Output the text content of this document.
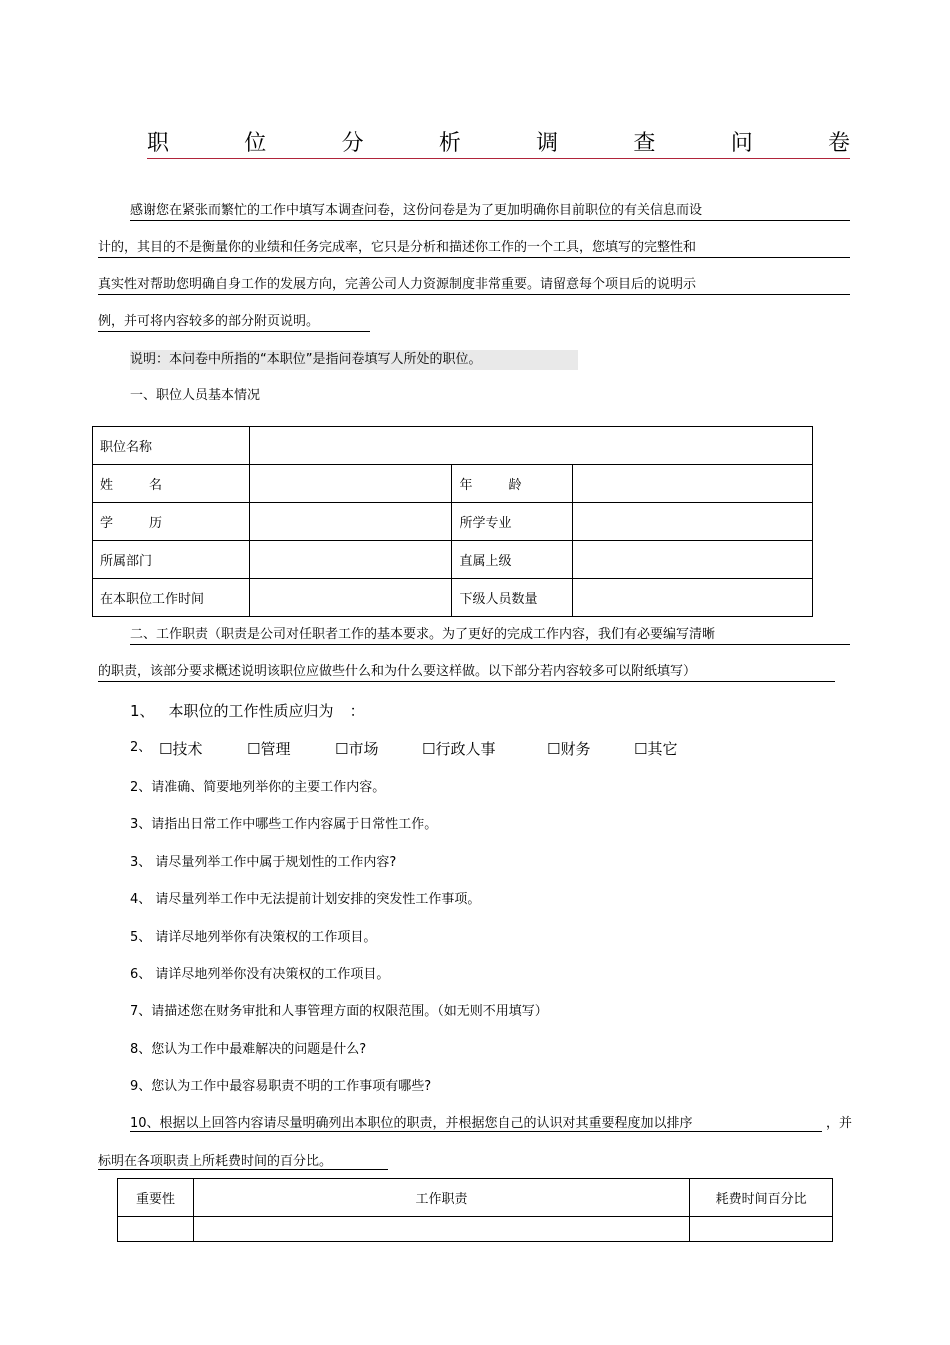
职	位	分	析	调	查	问	卷
感谢您在紧张而繁忙的工作中填写本调查问卷，这份问卷是为了更加明确你目前职位的有关信息而设
计的，其目的不是衡量你的业绩和任务完成率，它只是分析和描述你工作的一个工具，您填写的完整性和
真实性对帮助您明确自身工作的发展方向，完善公司人力资源制度非常重要。请留意每个项目后的说明示
例，并可将内容较多的部分附页说明。
说明：本问卷中所指的“本职位”是指问卷填写人所处的职位。
一、职位人员基本情况
职位名称			
姓 名		年 龄	
学 历		所学专业	
所属部门		直属上级	
在本职位工作时间		下级人员数量	
二、工作职责（职责是公司对任职者工作的基本要求。为了更好的完成工作内容，我们有必要编写清晰
的职责，该部分要求概述说明该职位应做些什么和为什么要这样做。以下部分若内容较多可以附纸填写）
1、 本职位的工作性质应归为 ：
2、 ☐技术	☐管理	☐市场	☐行政人事	☐财务	☐其它
2、请准确、简要地列举你的主要工作内容。
3、请指出日常工作中哪些工作内容属于日常性工作。
3、 请尽量列举工作中属于规划性的工作内容?
4、 请尽量列举工作中无法提前计划安排的突发性工作事项。
5、 请详尽地列举你有决策权的工作项目。
6、 请详尽地列举你没有决策权的工作项目。
7、请描述您在财务审批和人事管理方面的权限范围。（如无则不用填写）
8、您认为工作中最难解决的问题是什么?
9、您认为工作中最容易职责不明的工作事项有哪些?
10、根据以上回答内容请尽量明确列出本职位的职责，并根据您自己的认识对其重要程度加以排序	，并
标明在各项职责上所耗费时间的百分比。
重要性	工作职责	耗费时间百分比
